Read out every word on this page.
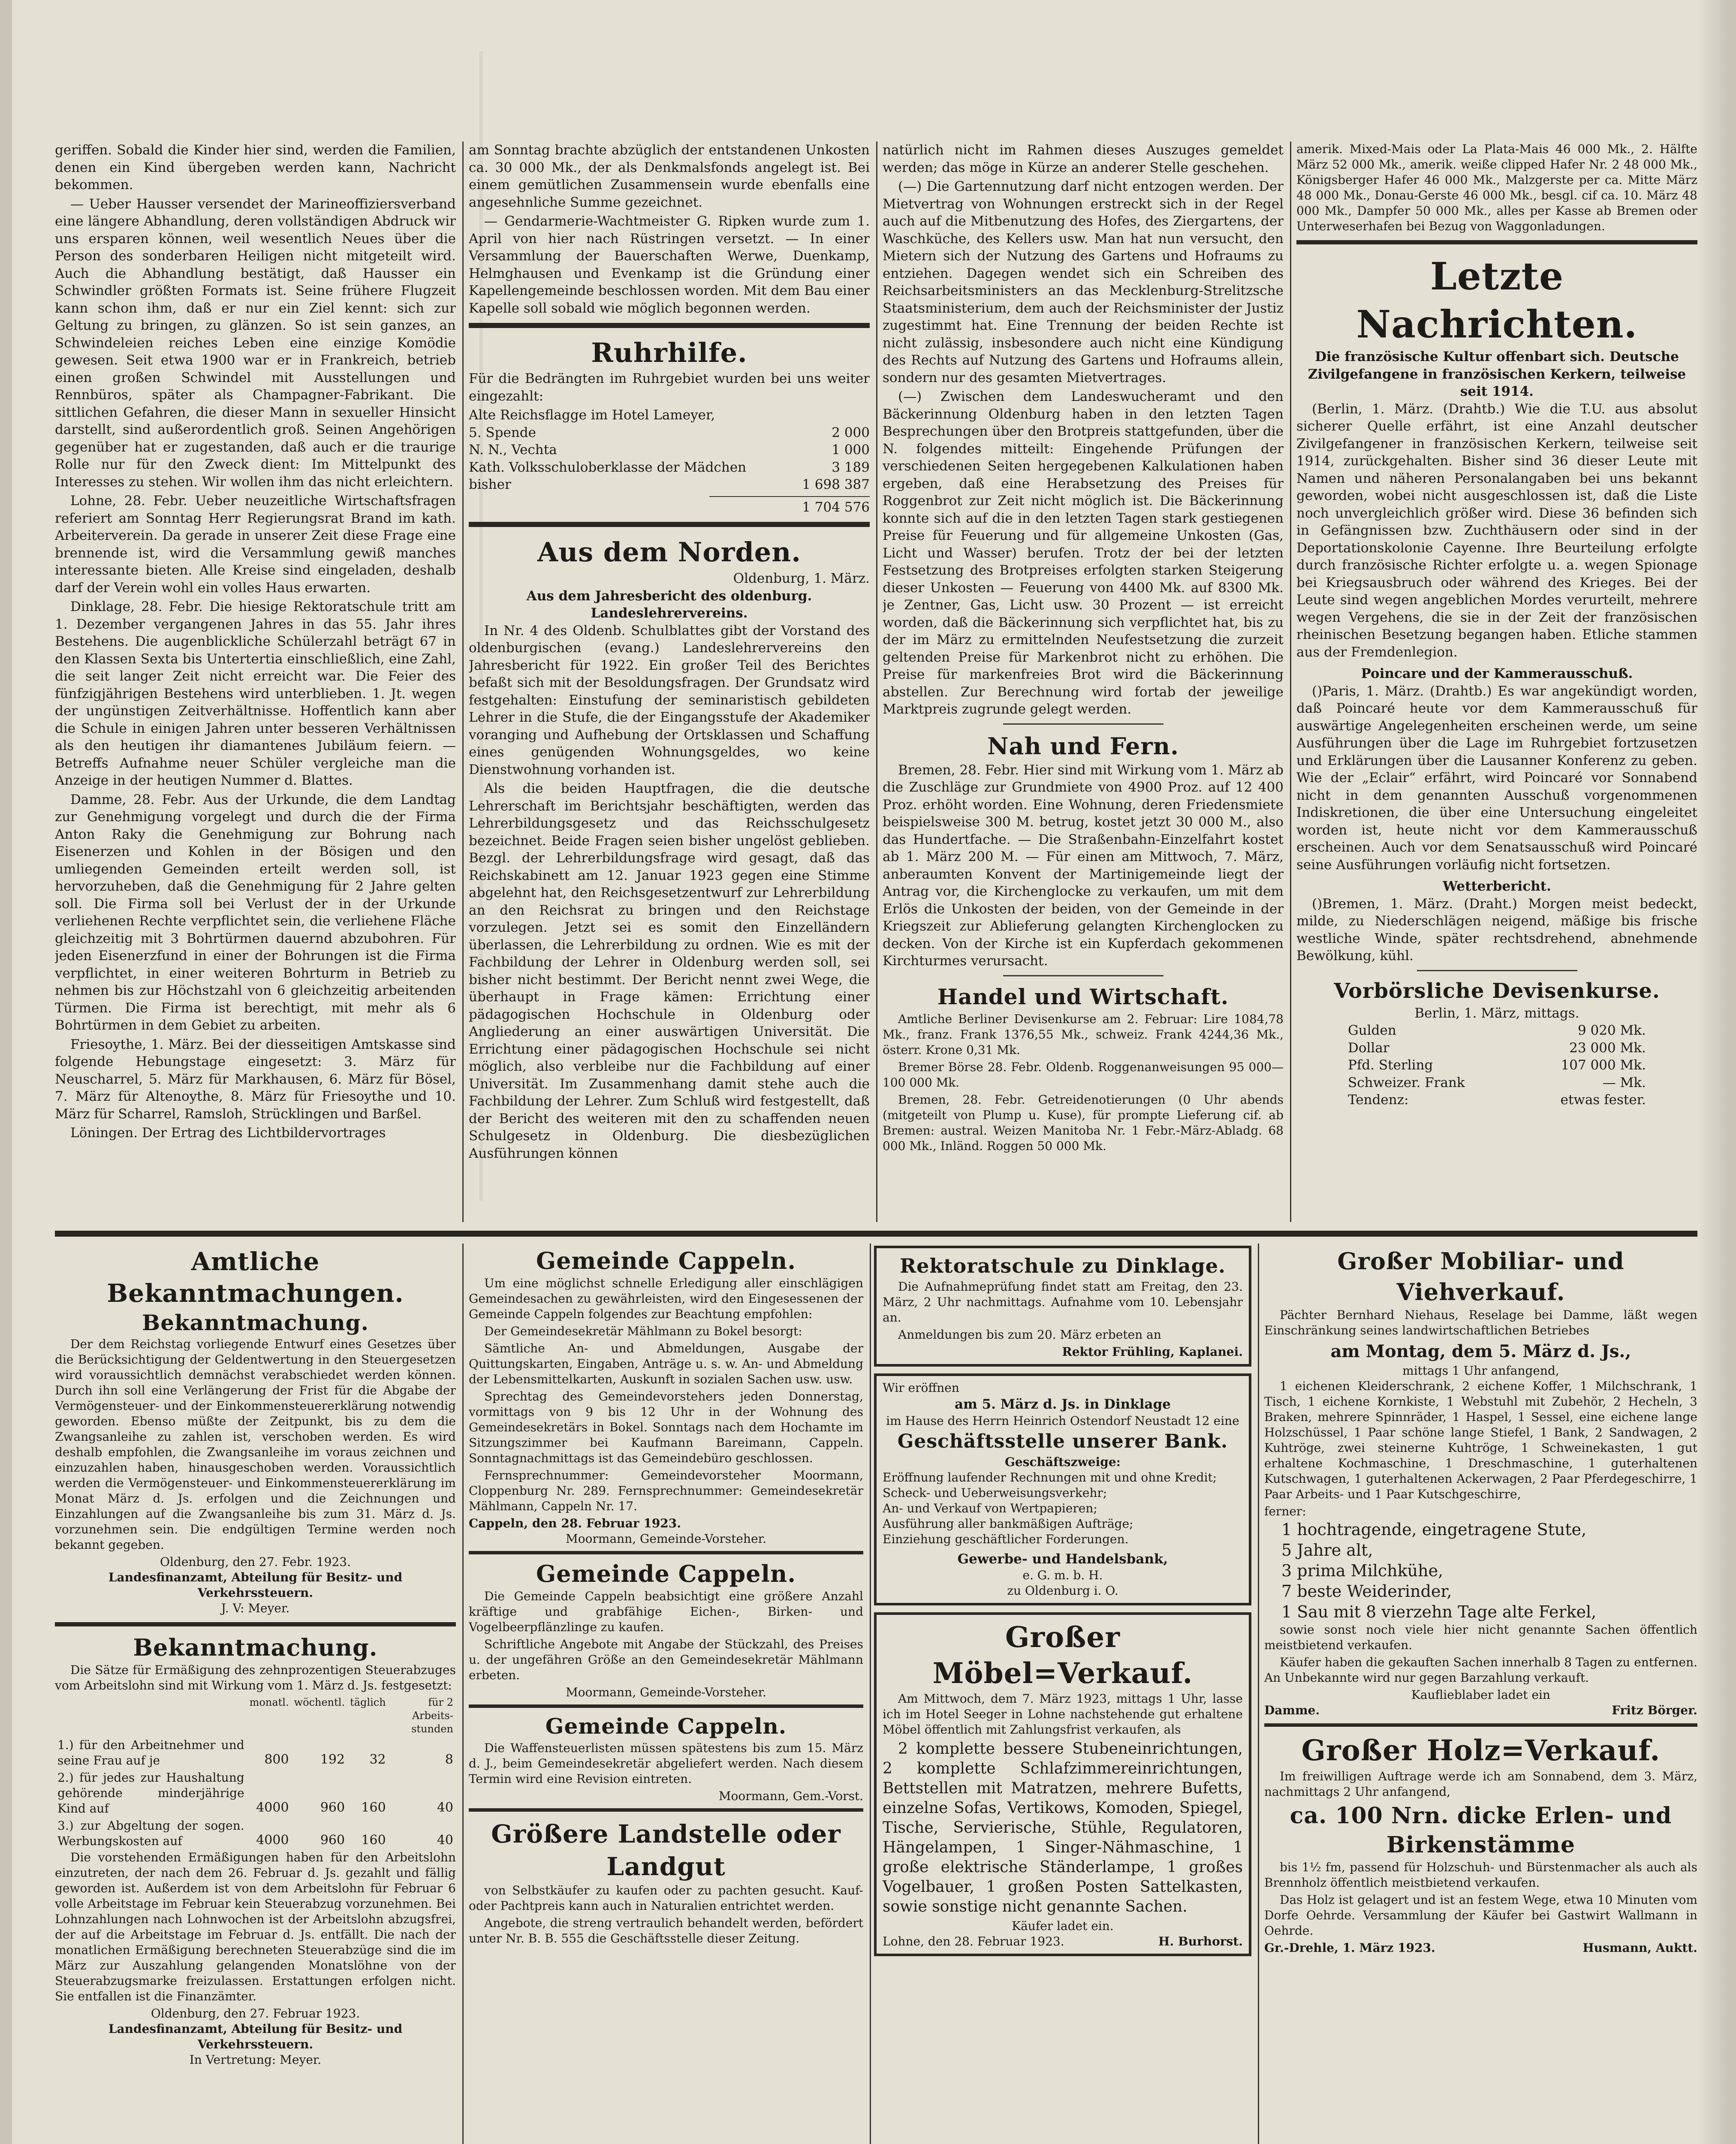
geriffen. Sobald die Kinder hier sind, werden die Familien, denen ein Kind übergeben werden kann, Nachricht bekommen.

— Ueber Hausser versendet der Marineoffiziersverband eine längere Abhandlung, deren vollständigen Abdruck wir uns ersparen können, weil wesentlich Neues über die Person des sonderbaren Heiligen nicht mitgeteilt wird. Auch die Abhandlung bestätigt, daß Hausser ein Schwindler größten Formats ist. Seine frühere Flugzeit kann schon ihm, daß er nur ein Ziel kennt: sich zur Geltung zu bringen, zu glänzen. So ist sein ganzes, an Schwindeleien reiches Leben eine einzige Komödie gewesen. Seit etwa 1900 war er in Frankreich, betrieb einen großen Schwindel mit Ausstellungen und Rennbüros, später als Champagner-Fabrikant. Die sittlichen Gefahren, die dieser Mann in sexueller Hinsicht darstellt, sind außerordentlich groß. Seinen Angehörigen gegenüber hat er zugestanden, daß auch er die traurige Rolle nur für den Zweck dient: Im Mittelpunkt des Interesses zu stehen. Wir wollen ihm das nicht erleichtern.

Lohne, 28. Febr. Ueber neuzeitliche Wirtschaftsfragen referiert am Sonntag Herr Regierungsrat Brand im kath. Arbeiterverein. Da gerade in unserer Zeit diese Frage eine brennende ist, wird die Versammlung gewiß manches interessante bieten. Alle Kreise sind eingeladen, deshalb darf der Verein wohl ein volles Haus erwarten.

Dinklage, 28. Febr. Die hiesige Rektoratschule tritt am 1. Dezember vergangenen Jahres in das 55. Jahr ihres Bestehens. Die augenblickliche Schülerzahl beträgt 67 in den Klassen Sexta bis Untertertia einschließlich, eine Zahl, die seit langer Zeit nicht erreicht war. Die Feier des fünfzigjährigen Bestehens wird unterblieben. 1. Jt. wegen der ungünstigen Zeitverhältnisse. Hoffentlich kann aber die Schule in einigen Jahren unter besseren Verhältnissen als den heutigen ihr diamantenes Jubiläum feiern. — Betreffs Aufnahme neuer Schüler vergleiche man die Anzeige in der heutigen Nummer d. Blattes.

Damme, 28. Febr. Aus der Urkunde, die dem Landtag zur Genehmigung vorgelegt und durch die der Firma Anton Raky die Genehmigung zur Bohrung nach Eisenerzen und Kohlen in der Bösigen und den umliegenden Gemeinden erteilt werden soll, ist hervorzuheben, daß die Genehmigung für 2 Jahre gelten soll. Die Firma soll bei Verlust der in der Urkunde verliehenen Rechte verpflichtet sein, die verliehene Fläche gleichzeitig mit 3 Bohrtürmen dauernd abzubohren. Für jeden Eisenerzfund in einer der Bohrungen ist die Firma verpflichtet, in einer weiteren Bohrturm in Betrieb zu nehmen bis zur Höchstzahl von 6 gleichzeitig arbeitenden Türmen. Die Firma ist berechtigt, mit mehr als 6 Bohrtürmen in dem Gebiet zu arbeiten.

Friesoythe, 1. März. Bei der diesseitigen Amtskasse sind folgende Hebungstage eingesetzt: 3. März für Neuscharrel, 5. März für Markhausen, 6. März für Bösel, 7. März für Altenoythe, 8. März für Friesoythe und 10. März für Scharrel, Ramsloh, Strücklingen und Barßel.

Löningen. Der Ertrag des Lichtbildervortrages

am Sonntag brachte abzüglich der entstandenen Unkosten ca. 30 000 Mk., der als Denkmalsfonds angelegt ist. Bei einem gemütlichen Zusammensein wurde ebenfalls eine angesehnliche Summe gezeichnet.

— Gendarmerie-Wachtmeister G. Ripken wurde zum 1. April von hier nach Rüstringen versetzt. — In einer Versammlung der Bauerschaften Werwe, Duenkamp, Helmghausen und Evenkamp ist die Gründung einer Kapellengemeinde beschlossen worden. Mit dem Bau einer Kapelle soll sobald wie möglich begonnen werden.

Ruhrhilfe.

Für die Bedrängten im Ruhrgebiet wurden bei uns weiter eingezahlt:

Alte Reichsflagge im Hotel Lameyer,
5. Spende	2 000
N. N., Vechta	1 000
Kath. Volksschuloberklasse der Mädchen	3 189
bisher	1 698 387
1 704 576
Aus dem Norden.
Oldenburg, 1. März.
Aus dem Jahresbericht des oldenburg. Landeslehrervereins.

In Nr. 4 des Oldenb. Schulblattes gibt der Vorstand des oldenburgischen (evang.) Landeslehrervereins den Jahresbericht für 1922. Ein großer Teil des Berichtes befaßt sich mit der Besoldungsfragen. Der Grundsatz wird festgehalten: Einstufung der seminaristisch gebildeten Lehrer in die Stufe, die der Eingangsstufe der Akademiker voranging und Aufhebung der Ortsklassen und Schaffung eines genügenden Wohnungsgeldes, wo keine Dienstwohnung vorhanden ist.

Als die beiden Hauptfragen, die die deutsche Lehrerschaft im Berichtsjahr beschäftigten, werden das Lehrerbildungsgesetz und das Reichsschulgesetz bezeichnet. Beide Fragen seien bisher ungelöst geblieben. Bezgl. der Lehrerbildungsfrage wird gesagt, daß das Reichskabinett am 12. Januar 1923 gegen eine Stimme abgelehnt hat, den Reichsgesetzentwurf zur Lehrerbildung an den Reichsrat zu bringen und den Reichstage vorzulegen. Jetzt sei es somit den Einzelländern überlassen, die Lehrerbildung zu ordnen. Wie es mit der Fachbildung der Lehrer in Oldenburg werden soll, sei bisher nicht bestimmt. Der Bericht nennt zwei Wege, die überhaupt in Frage kämen: Errichtung einer pädagogischen Hochschule in Oldenburg oder Angliederung an einer auswärtigen Universität. Die Errichtung einer pädagogischen Hochschule sei nicht möglich, also verbleibe nur die Fachbildung auf einer Universität. Im Zusammenhang damit stehe auch die Fachbildung der Lehrer. Zum Schluß wird festgestellt, daß der Bericht des weiteren mit den zu schaffenden neuen Schulgesetz in Oldenburg. Die diesbezüglichen Ausführungen können

natürlich nicht im Rahmen dieses Auszuges gemeldet werden; das möge in Kürze an anderer Stelle geschehen.

(—) Die Gartennutzung darf nicht entzogen werden. Der Mietvertrag von Wohnungen erstreckt sich in der Regel auch auf die Mitbenutzung des Hofes, des Ziergartens, der Waschküche, des Kellers usw. Man hat nun versucht, den Mietern sich der Nutzung des Gartens und Hofraums zu entziehen. Dagegen wendet sich ein Schreiben des Reichsarbeitsministers an das Mecklenburg-Strelitzsche Staatsministerium, dem auch der Reichsminister der Justiz zugestimmt hat. Eine Trennung der beiden Rechte ist nicht zulässig, insbesondere auch nicht eine Kündigung des Rechts auf Nutzung des Gartens und Hofraums allein, sondern nur des gesamten Mietvertrages.

(—) Zwischen dem Landeswucheramt und den Bäckerinnung Oldenburg haben in den letzten Tagen Besprechungen über den Brotpreis stattgefunden, über die N. folgendes mitteilt: Eingehende Prüfungen der verschiedenen Seiten hergegebenen Kalkulationen haben ergeben, daß eine Herabsetzung des Preises für Roggenbrot zur Zeit nicht möglich ist. Die Bäckerinnung konnte sich auf die in den letzten Tagen stark gestiegenen Preise für Feuerung und für allgemeine Unkosten (Gas, Licht und Wasser) berufen. Trotz der bei der letzten Festsetzung des Brotpreises erfolgten starken Steigerung dieser Unkosten — Feuerung von 4400 Mk. auf 8300 Mk. je Zentner, Gas, Licht usw. 30 Prozent — ist erreicht worden, daß die Bäckerinnung sich verpflichtet hat, bis zu der im März zu ermittelnden Neufestsetzung die zurzeit geltenden Preise für Markenbrot nicht zu erhöhen. Die Preise für markenfreies Brot wird die Bäckerinnung abstellen. Zur Berechnung wird fortab der jeweilige Marktpreis zugrunde gelegt werden.

Nah und Fern.

Bremen, 28. Febr. Hier sind mit Wirkung vom 1. März ab die Zuschläge zur Grundmiete von 4900 Proz. auf 12 400 Proz. erhöht worden. Eine Wohnung, deren Friedensmiete beispielsweise 300 M. betrug, kostet jetzt 30 000 M., also das Hundertfache. — Die Straßenbahn-Einzelfahrt kostet ab 1. März 200 M. — Für einen am Mittwoch, 7. März, anberaumten Konvent der Martinigemeinde liegt der Antrag vor, die Kirchenglocke zu verkaufen, um mit dem Erlös die Unkosten der beiden, von der Gemeinde in der Kriegszeit zur Ablieferung gelangten Kirchenglocken zu decken. Von der Kirche ist ein Kupferdach gekommenen Kirchturmes verursacht.

Handel und Wirtschaft.

Amtliche Berliner Devisenkurse am 2. Februar: Lire 1084,78 Mk., franz. Frank 1376,55 Mk., schweiz. Frank 4244,36 Mk., österr. Krone 0,31 Mk.

Bremer Börse 28. Febr. Oldenb. Roggenanweisungen 95 000—100 000 Mk.

Bremen, 28. Febr. Getreidenotierungen (0 Uhr abends (mitgeteilt von Plump u. Kuse), für prompte Lieferung cif. ab Bremen: austral. Weizen Manitoba Nr. 1 Febr.-März-Abladg. 68 000 Mk., Inländ. Roggen 50 000 Mk.

amerik. Mixed-Mais oder La Plata-Mais 46 000 Mk., 2. Hälfte März 52 000 Mk., amerik. weiße clipped Hafer Nr. 2 48 000 Mk., Königsberger Hafer 46 000 Mk., Malzgerste per ca. Mitte März 48 000 Mk., Donau-Gerste 46 000 Mk., besgl. cif ca. 10. März 48 000 Mk., Dampfer 50 000 Mk., alles per Kasse ab Bremen oder Unterweserhafen bei Bezug von Waggonladungen.

Letzte Nachrichten.
Die französische Kultur offenbart sich. Deutsche Zivilgefangene in französischen Kerkern, teilweise seit 1914.

(Berlin, 1. März. (Drahtb.) Wie die T.U. aus absolut sicherer Quelle erfährt, ist eine Anzahl deutscher Zivilgefangener in französischen Kerkern, teilweise seit 1914, zurückgehalten. Bisher sind 36 dieser Leute mit Namen und näheren Personalangaben bei uns bekannt geworden, wobei nicht ausgeschlossen ist, daß die Liste noch unvergleichlich größer wird. Diese 36 befinden sich in Gefängnissen bzw. Zuchthäusern oder sind in der Deportationskolonie Cayenne. Ihre Beurteilung erfolgte durch französische Richter erfolgte u. a. wegen Spionage bei Kriegsausbruch oder während des Krieges. Bei der Leute sind wegen angeblichen Mordes verurteilt, mehrere wegen Vergehens, die sie in der Zeit der französischen rheinischen Besetzung begangen haben. Etliche stammen aus der Fremdenlegion.

Poincare und der Kammerausschuß.

()Paris, 1. März. (Drahtb.) Es war angekündigt worden, daß Poincaré heute vor dem Kammerausschuß für auswärtige Angelegenheiten erscheinen werde, um seine Ausführungen über die Lage im Ruhrgebiet fortzusetzen und Erklärungen über die Lausanner Konferenz zu geben. Wie der „Eclair“ erfährt, wird Poincaré vor Sonnabend nicht in dem genannten Ausschuß vorgenommenen Indiskretionen, die über eine Untersuchung eingeleitet worden ist, heute nicht vor dem Kammerausschuß erscheinen. Auch vor dem Senatsausschuß wird Poincaré seine Ausführungen vorläufig nicht fortsetzen.

Wetterbericht.

()Bremen, 1. März. (Draht.) Morgen meist bedeckt, milde, zu Niederschlägen neigend, mäßige bis frische westliche Winde, später rechtsdrehend, abnehmende Bewölkung, kühl.

Vorbörsliche Devisenkurse.
Berlin, 1. März, mittags.
Gulden	9 020 Mk.
Dollar	23 000 Mk.
Pfd. Sterling	107 000 Mk.
Schweizer. Frank	— Mk.
Tendenz:	etwas fester.
Amtliche Bekanntmachungen.
Bekanntmachung.

Der dem Reichstag vorliegende Entwurf eines Gesetzes über die Berücksichtigung der Geldentwertung in den Steuergesetzen wird voraussichtlich demnächst verabschiedet werden können. Durch ihn soll eine Verlängerung der Frist für die Abgabe der Vermögensteuer- und der Einkommensteuererklärung notwendig geworden. Ebenso müßte der Zeitpunkt, bis zu dem die Zwangsanleihe zu zahlen ist, verschoben werden. Es wird deshalb empfohlen, die Zwangsanleihe im voraus zeichnen und einzuzahlen haben, hinausgeschoben werden. Voraussichtlich werden die Vermögensteuer- und Einkommensteuererklärung im Monat März d. Js. erfolgen und die Zeichnungen und Einzahlungen auf die Zwangsanleihe bis zum 31. März d. Js. vorzunehmen sein. Die endgültigen Termine werden noch bekannt gegeben.

Oldenburg, den 27. Febr. 1923.
Landesfinanzamt, Abteilung für Besitz- und Verkehrssteuern.
J. V: Meyer.
Bekanntmachung.

Die Sätze für Ermäßigung des zehnprozentigen Steuerabzuges vom Arbeitslohn sind mit Wirkung vom 1. März d. Js. festgesetzt:

	monatl.	wöchentl.	täglich	für 2 Arbeits-stunden
1.) für den Arbeitnehmer und seine Frau auf je	800	192	32	8
2.) für jedes zur Haushaltung gehörende minderjährige Kind auf	4000	960	160	40
3.) zur Abgeltung der sogen. Werbungskosten auf	4000	960	160	40

Die vorstehenden Ermäßigungen haben für den Arbeitslohn einzutreten, der nach dem 26. Februar d. Js. gezahlt und fällig geworden ist. Außerdem ist von dem Arbeitslohn für Februar 6 volle Arbeitstage im Februar kein Steuerabzug vorzunehmen. Bei Lohnzahlungen nach Lohnwochen ist der Arbeitslohn abzugsfrei, der auf die Arbeitstage im Februar d. Js. entfällt. Die nach der monatlichen Ermäßigung berechneten Steuerabzüge sind die im März zur Auszahlung gelangenden Monatslöhne von der Steuerabzugsmarke freizulassen. Erstattungen erfolgen nicht. Sie entfallen ist die Finanzämter.

Oldenburg, den 27. Februar 1923.
Landesfinanzamt, Abteilung für Besitz- und Verkehrssteuern.
In Vertretung: Meyer.
Gemeinde Cappeln.

Um eine möglichst schnelle Erledigung aller einschlägigen Gemeindesachen zu gewährleisten, wird den Eingesessenen der Gemeinde Cappeln folgendes zur Beachtung empfohlen:

Der Gemeindesekretär Mählmann zu Bokel besorgt:

Sämtliche An- und Abmeldungen, Ausgabe der Quittungskarten, Eingaben, Anträge u. s. w. An- und Abmeldung der Lebensmittelkarten, Auskunft in sozialen Sachen usw. usw.

Sprechtag des Gemeindevorstehers jeden Donnerstag, vormittags von 9 bis 12 Uhr in der Wohnung des Gemeindesekretärs in Bokel. Sonntags nach dem Hochamte im Sitzungszimmer bei Kaufmann Bareimann, Cappeln. Sonntagnachmittags ist das Gemeindebüro geschlossen.

Fernsprechnummer: Gemeindevorsteher Moormann, Cloppenburg Nr. 289. Fernsprechnummer: Gemeindesekretär Mählmann, Cappeln Nr. 17.

Cappeln, den 28. Februar 1923.
Moormann, Gemeinde-Vorsteher.
Gemeinde Cappeln.

Die Gemeinde Cappeln beabsichtigt eine größere Anzahl kräftige und grabfähige Eichen-, Birken- und Vogelbeerpflänzlinge zu kaufen.

Schriftliche Angebote mit Angabe der Stückzahl, des Preises u. der ungefähren Größe an den Gemeindesekretär Mählmann erbeten.

Moormann, Gemeinde-Vorsteher.
Gemeinde Cappeln.

Die Waffensteuerlisten müssen spätestens bis zum 15. März d. J., beim Gemeindesekretär abgeliefert werden. Nach diesem Termin wird eine Revision eintreten.

Moormann, Gem.-Vorst.
Größere Landstelle oder Landgut

von Selbstkäufer zu kaufen oder zu pachten gesucht. Kauf- oder Pachtpreis kann auch in Naturalien entrichtet werden.

Angebote, die streng vertraulich behandelt werden, befördert unter Nr. B. B. 555 die Geschäftsstelle dieser Zeitung.

Rektoratschule zu Dinklage.

Die Aufnahmeprüfung findet statt am Freitag, den 23. März, 2 Uhr nachmittags. Aufnahme vom 10. Lebensjahr an.

Anmeldungen bis zum 20. März erbeten an

Rektor Frühling, Kaplanei.
Wir eröffnen
am 5. März d. Js. in Dinklage
im Hause des Herrn Heinrich Ostendorf Neustadt 12 eine
Geschäftsstelle unserer Bank.
Geschäftszweige:
Eröffnung laufender Rechnungen mit und ohne Kredit;
Scheck- und Ueberweisungsverkehr;
An- und Verkauf von Wertpapieren;
Ausführung aller bankmäßigen Aufträge;
Einziehung geschäftlicher Forderungen.
Gewerbe- und Handelsbank,
e. G. m. b. H.
zu Oldenburg i. O.
Großer Möbel=Verkauf.

Am Mittwoch, dem 7. März 1923, mittags 1 Uhr, lasse ich im Hotel Seeger in Lohne nachstehende gut erhaltene Möbel öffentlich mit Zahlungsfrist verkaufen, als

2 komplette bessere Stubeneinrichtungen, 2 komplette Schlafzimmereinrichtungen, Bettstellen mit Matratzen, mehrere Bufetts, einzelne Sofas, Vertikows, Komoden, Spiegel, Tische, Servierische, Stühle, Regulatoren, Hängelampen, 1 Singer-Nähmaschine, 1 große elektrische Ständerlampe, 1 großes Vogelbauer, 1 großen Posten Sattelkasten, sowie sonstige nicht genannte Sachen.

Käufer ladet ein.
Lohne, den 28. Februar 1923.	H. Burhorst.
Großer Mobiliar- und Viehverkauf.

Pächter Bernhard Niehaus, Reselage bei Damme, läßt wegen Einschränkung seines landwirtschaftlichen Betriebes

am Montag, dem 5. März d. Js.,
mittags 1 Uhr anfangend,

1 eichenen Kleiderschrank, 2 eichene Koffer, 1 Milchschrank, 1 Tisch, 1 eichene Kornkiste, 1 Webstuhl mit Zubehör, 2 Hecheln, 3 Braken, mehrere Spinnräder, 1 Haspel, 1 Sessel, eine eichene lange Holzschüssel, 1 Paar schöne lange Stiefel, 1 Bank, 2 Sandwagen, 2 Kuhtröge, zwei steinerne Kuhtröge, 1 Schweinekasten, 1 gut erhaltene Kochmaschine, 1 Dreschmaschine, 1 guterhaltenen Kutschwagen, 1 guterhaltenen Ackerwagen, 2 Paar Pferdegeschirre, 1 Paar Arbeits- und 1 Paar Kutschgeschirre,

ferner:
1 hochtragende, eingetragene Stute,
5 Jahre alt,
3 prima Milchkühe,
7 beste Weiderinder,
1 Sau mit 8 vierzehn Tage alte Ferkel,

sowie sonst noch viele hier nicht genannte Sachen öffentlich meistbietend verkaufen.

Käufer haben die gekauften Sachen innerhalb 8 Tagen zu entfernen. An Unbekannte wird nur gegen Barzahlung verkauft.

Kauflieblaber ladet ein
Damme.	Fritz Börger.
Großer Holz=Verkauf.

Im freiwilligen Auftrage werde ich am Sonnabend, dem 3. März, nachmittags 2 Uhr anfangend,

ca. 100 Nrn. dicke Erlen- und Birkenstämme

bis 1½ fm, passend für Holzschuh- und Bürstenmacher als auch als Brennholz öffentlich meistbietend verkaufen.

Das Holz ist gelagert und ist an festem Wege, etwa 10 Minuten vom Dorfe Oehrde. Versammlung der Käufer bei Gastwirt Wallmann in Oehrde.

Gr.-Drehle, 1. März 1923.	Husmann, Auktt.
